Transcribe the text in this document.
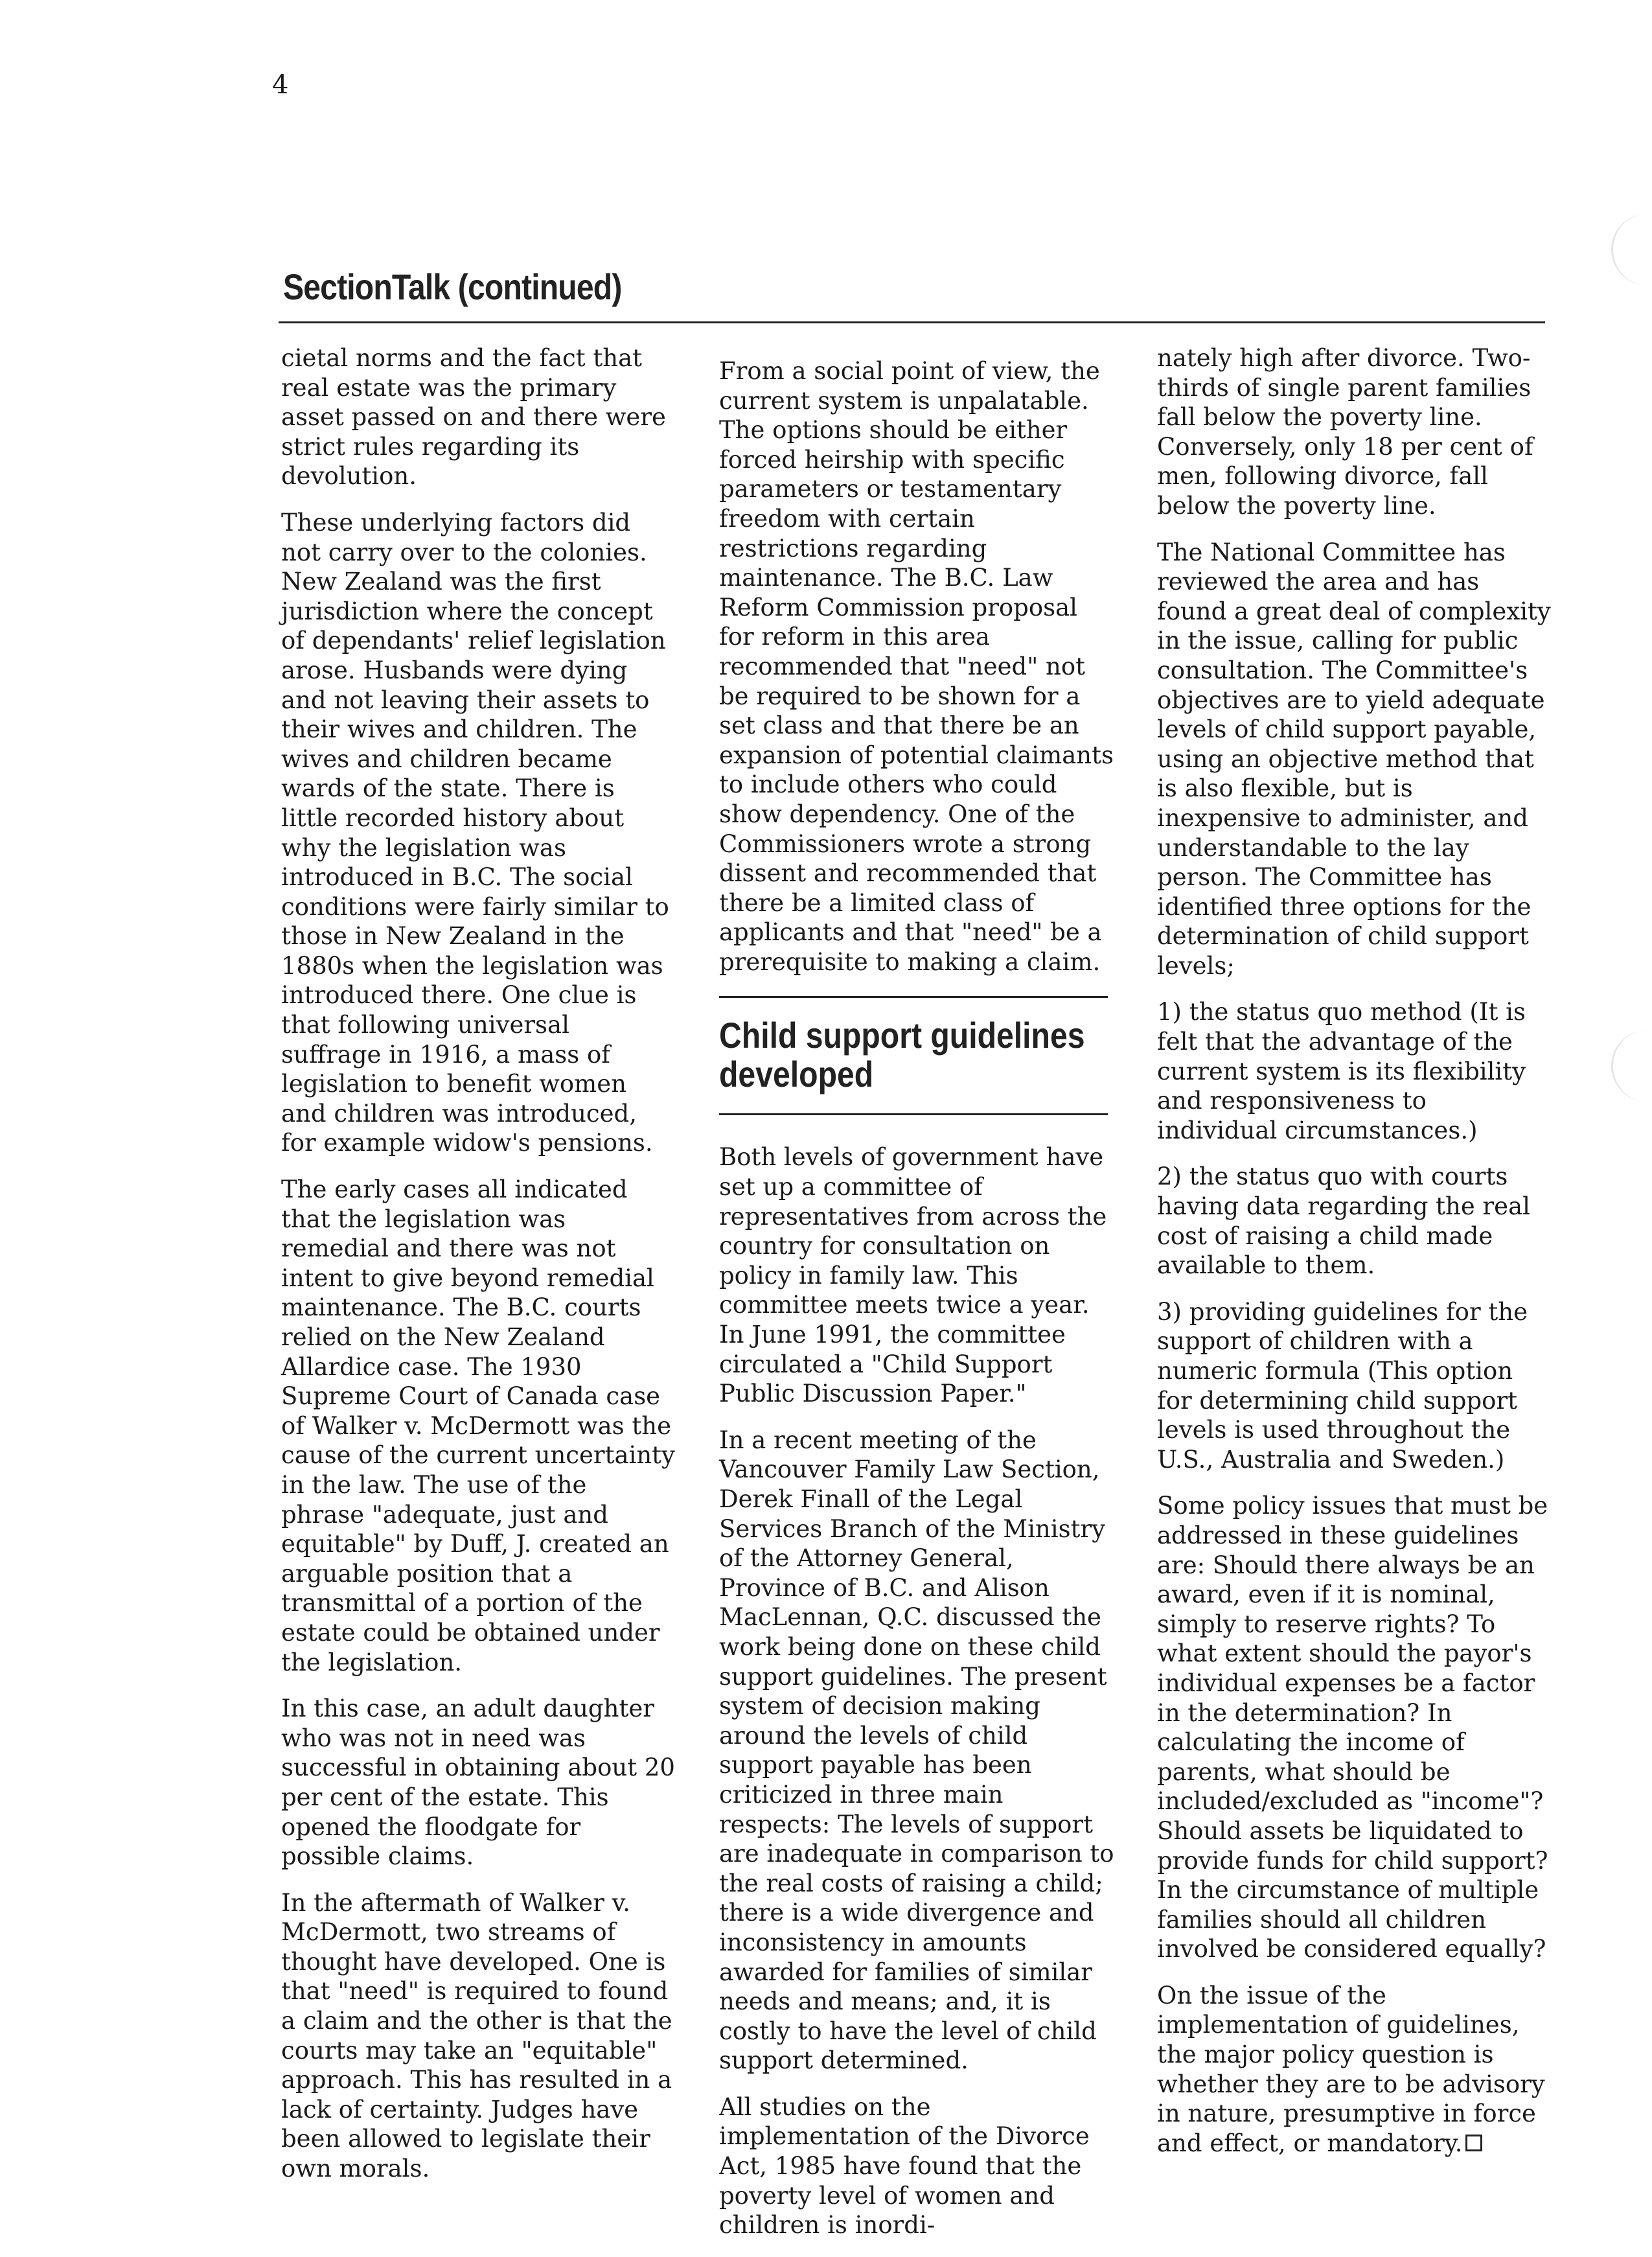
4
SectionTalk (continued)

cietal norms and the fact that real estate was the primary asset passed on and there were strict rules regarding its devolution.

These underlying factors did not carry over to the colonies. New Zealand was the first jurisdiction where the concept of dependants' relief legislation arose. Husbands were dying and not leaving their assets to their wives and children. The wives and children became wards of the state. There is little recorded history about why the legislation was introduced in B.C. The social conditions were fairly similar to those in New Zealand in the 1880s when the legislation was introduced there. One clue is that following universal suffrage in 1916, a mass of legislation to benefit women and children was introduced, for example widow's pensions.

The early cases all indicated that the legislation was remedial and there was not intent to give beyond remedial maintenance. The B.C. courts relied on the New Zealand Allardice case. The 1930 Supreme Court of Canada case of Walker v. McDermott was the cause of the current uncertainty in the law. The use of the phrase "adequate, just and equitable" by Duff, J. created an arguable position that a transmittal of a portion of the estate could be obtained under the legislation.

In this case, an adult daughter who was not in need was successful in obtaining about 20 per cent of the estate. This opened the floodgate for possible claims.

In the aftermath of Walker v. McDermott, two streams of thought have developed. One is that "need" is required to found a claim and the other is that the courts may take an "equitable" approach. This has resulted in a lack of certainty. Judges have been allowed to legislate their own morals.

From a social point of view, the current system is unpalatable. The options should be either forced heirship with specific parameters or testamentary freedom with certain restrictions regarding maintenance. The B.C. Law Reform Commission proposal for reform in this area recommended that "need" not be required to be shown for a set class and that there be an expansion of potential claimants to include others who could show dependency. One of the Commissioners wrote a strong dissent and recommended that there be a limited class of applicants and that "need" be a prerequisite to making a claim.

Child support guidelines developed

Both levels of government have set up a committee of representatives from across the country for consultation on policy in family law. This committee meets twice a year. In June 1991, the committee circulated a "Child Support Public Discussion Paper."

In a recent meeting of the Vancouver Family Law Section, Derek Finall of the Legal Services Branch of the Ministry of the Attorney General, Province of B.C. and Alison MacLennan, Q.C. discussed the work being done on these child support guidelines. The present system of decision making around the levels of child support payable has been criticized in three main respects: The levels of support are inadequate in comparison to the real costs of raising a child; there is a wide divergence and inconsistency in amounts awarded for families of similar needs and means; and, it is costly to have the level of child support determined.

All studies on the implementation of the Divorce Act, 1985 have found that the poverty level of women and children is inordi-

nately high after divorce. Two-thirds of single parent families fall below the poverty line. Conversely, only 18 per cent of men, following divorce, fall below the poverty line.

The National Committee has reviewed the area and has found a great deal of complexity in the issue, calling for public consultation. The Committee's objectives are to yield adequate levels of child support payable, using an objective method that is also flexible, but is inexpensive to administer, and understandable to the lay person. The Committee has identified three options for the determination of child support levels;

1) the status quo method (It is felt that the advantage of the current system is its flexibility and responsiveness to individual circumstances.)

2) the status quo with courts having data regarding the real cost of raising a child made available to them.

3) providing guidelines for the support of children with a numeric formula (This option for determining child support levels is used throughout the U.S., Australia and Sweden.)

Some policy issues that must be addressed in these guidelines are: Should there always be an award, even if it is nominal, simply to reserve rights? To what extent should the payor's individual expenses be a factor in the determination? In calculating the income of parents, what should be included/excluded as "income"? Should assets be liquidated to provide funds for child support? In the circumstance of multiple families should all children involved be considered equally?

On the issue of the implementation of guidelines, the major policy question is whether they are to be advisory in nature, presumptive in force and effect, or mandatory.
